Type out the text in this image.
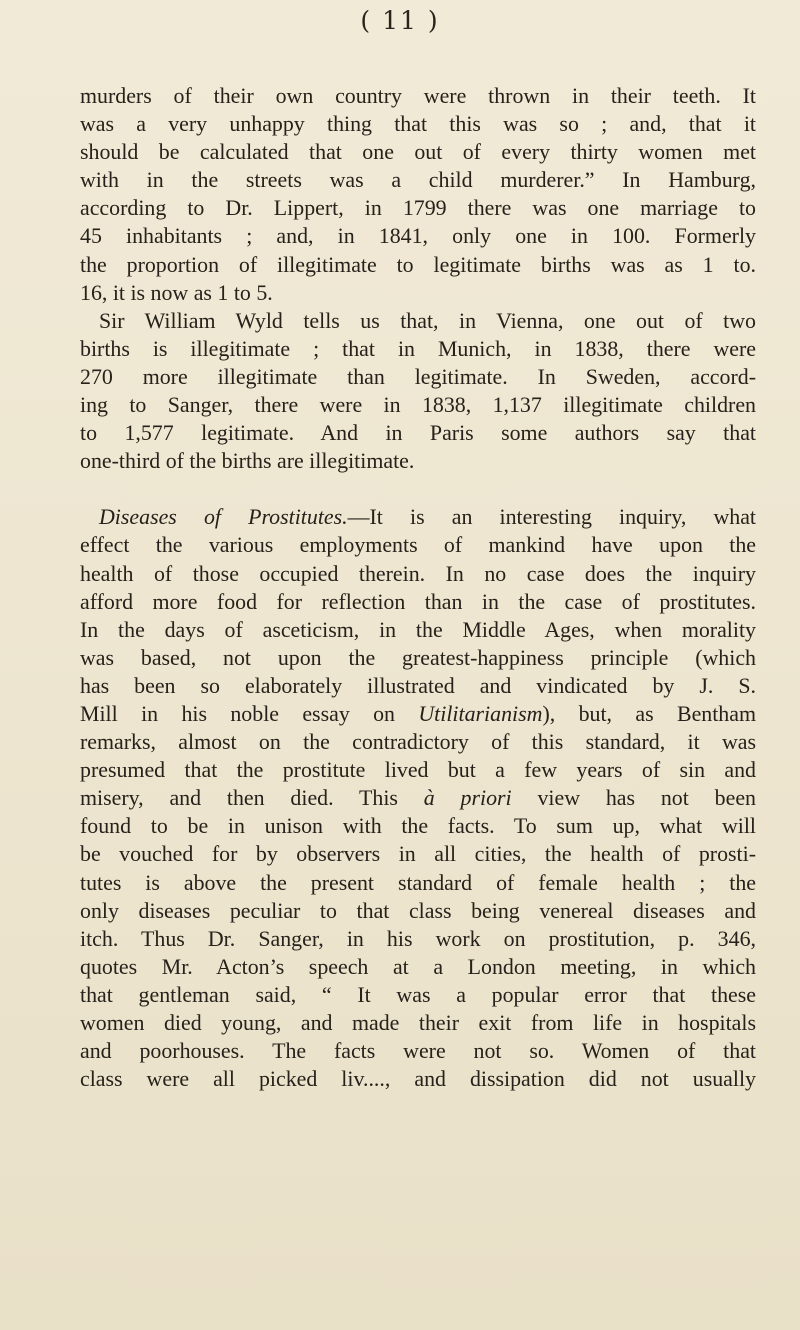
( 11 )
murders of their own country were thrown in their teeth. It
was a very unhappy thing that this was so ; and, that it
should be calculated that one out of every thirty women met
with in the streets was a child murderer.” In Hamburg,
according to Dr. Lippert, in 1799 there was one marriage to
45 inhabitants ; and, in 1841, only one in 100. Formerly
the proportion of illegitimate to legitimate births was as 1 to.
16, it is now as 1 to 5.
Sir William Wyld tells us that, in Vienna, one out of two
births is illegitimate ; that in Munich, in 1838, there were
270 more illegitimate than legitimate. In Sweden, accord-
ing to Sanger, there were in 1838, 1,137 illegitimate children
to 1,577 legitimate. And in Paris some authors say that
one-third of the births are illegitimate.
Diseases of Prostitutes.—It is an interesting inquiry, what
effect the various employments of mankind have upon the
health of those occupied therein. In no case does the inquiry
afford more food for reflection than in the case of prostitutes.
In the days of asceticism, in the Middle Ages, when morality
was based, not upon the greatest-happiness principle (which
has been so elaborately illustrated and vindicated by J. S.
Mill in his noble essay on Utilitarianism), but, as Bentham
remarks, almost on the contradictory of this standard, it was
presumed that the prostitute lived but a few years of sin and
misery, and then died. This à priori view has not been
found to be in unison with the facts. To sum up, what will
be vouched for by observers in all cities, the health of prosti-
tutes is above the present standard of female health ; the
only diseases peculiar to that class being venereal diseases and
itch. Thus Dr. Sanger, in his work on prostitution, p. 346,
quotes Mr. Acton’s speech at a London meeting, in which
that gentleman said, “ It was a popular error that these
women died young, and made their exit from life in hospitals
and poorhouses. The facts were not so. Women of that
class were all picked liv...., and dissipation did not usually
